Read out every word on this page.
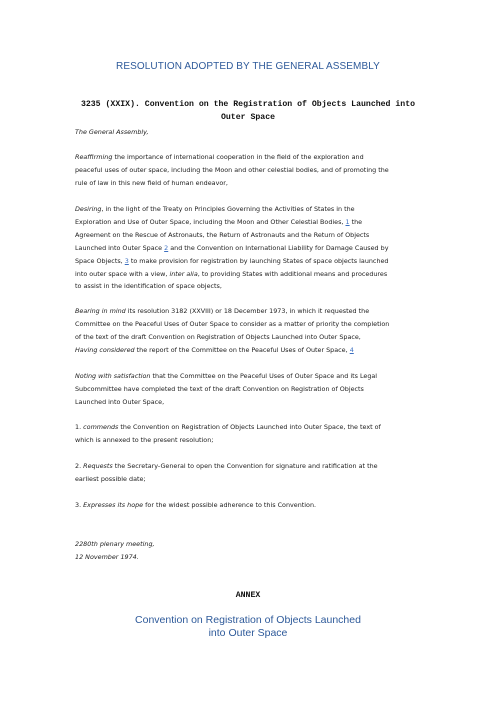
RESOLUTION ADOPTED BY THE GENERAL ASSEMBLY
3235 (XXIX). Convention on the Registration of Objects Launched into
Outer Space
The General Assembly,
Reaffirming the importance of international cooperation in the field of the exploration and
peaceful uses of outer space, including the Moon and other celestial bodies, and of promoting the
rule of law in this new field of human endeavor,
Desiring, in the light of the Treaty on Principles Governing the Activities of States in the
Exploration and Use of Outer Space, including the Moon and Other Celestial Bodies, 1 the
Agreement on the Rescue of Astronauts, the Return of Astronauts and the Return of Objects
Launched into Outer Space 2 and the Convention on International Liability for Damage Caused by
Space Objects, 3 to make provision for registration by launching States of space objects launched
into outer space with a view, inter alia, to providing States with additional means and procedures
to assist in the identification of space objects,
Bearing in mind its resolution 3182 (XXVIII) or 18 December 1973, in which it requested the
Committee on the Peaceful Uses of Outer Space to consider as a matter of priority the completion
of the text of the draft Convention on Registration of Objects Launched into Outer Space,
Having considered the report of the Committee on the Peaceful Uses of Outer Space, 4
Noting with satisfaction that the Committee on the Peaceful Uses of Outer Space and its Legal
Subcommittee have completed the text of the draft Convention on Registration of Objects
Launched into Outer Space,
1. commends the Convention on Registration of Objects Launched into Outer Space, the text of
which is annexed to the present resolution;
2. Requests the Secretary-General to open the Convention for signature and ratification at the
earliest possible date;
3. Expresses its hope for the widest possible adherence to this Convention.
2280th plenary meeting,
12 November 1974.
ANNEX
Convention on Registration of Objects Launched
into Outer Space
